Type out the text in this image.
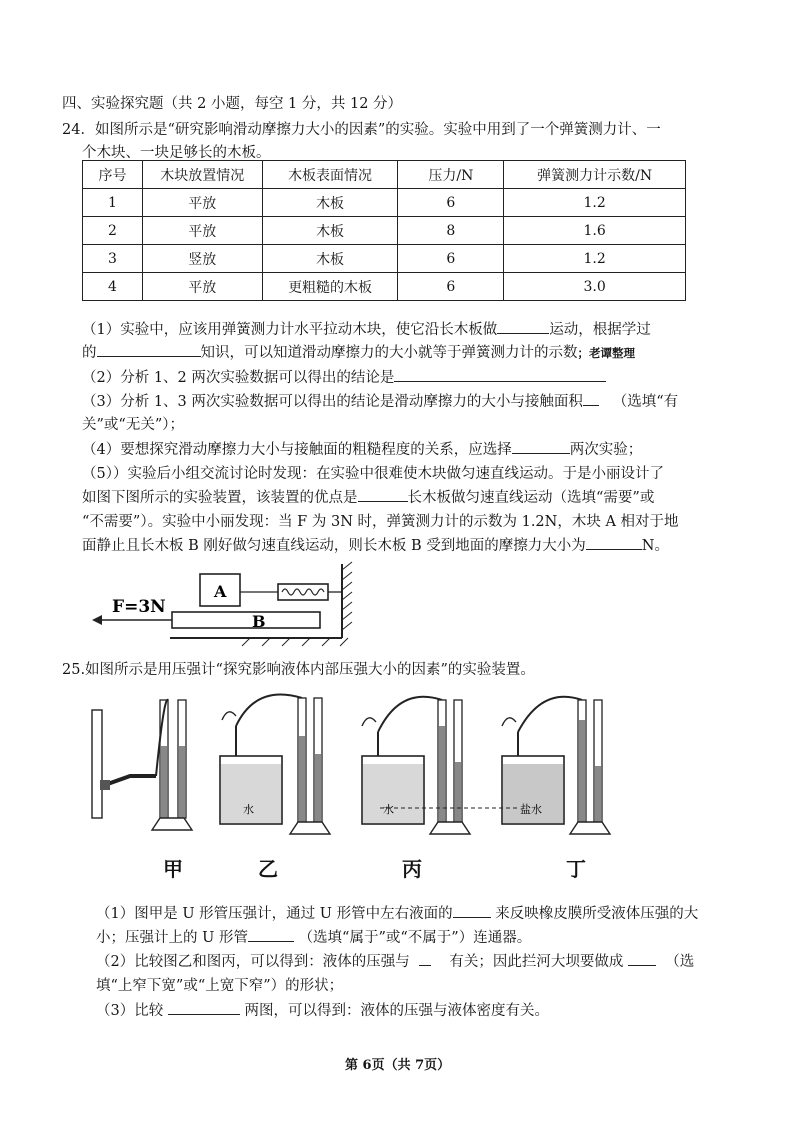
四、实验探究题（共 2 小题，每空 1 分，共 12 分）
24．如图所示是“研究影响滑动摩擦力大小的因素”的实验。实验中用到了一个弹簧测力计、一
个木块、一块足够长的木板。
序号	木块放置情况	木板表面情况	压力/N	弹簧测力计示数/N
1	平放	木板	6	1.2
2	平放	木板	8	1.6
3	竖放	木板	6	1.2
4	平放	更粗糙的木板	6	3.0
（1）实验中，应该用弹簧测力计水平拉动木块，使它沿长木板做	运动，根据学过
的	知识，可以知道滑动摩擦力的大小就等于弹簧测力计的示数；老谭整理
（2）分析 1、2 两次实验数据可以得出的结论是
（3）分析 1、3 两次实验数据可以得出的结论是滑动摩擦力的大小与接触面积 （选填“有
关”或“无关”）；
（4）要想探究滑动摩擦力大小与接触面的粗糙程度的关系，应选择	两次实验；
（5））实验后小组交流讨论时发现：在实验中很难使木块做匀速直线运动。于是小丽设计了
如图下图所示的实验装置，该装置的优点是	长木板做匀速直线运动（选填“需要”或
“不需要”）。实验中小丽发现：当 F 为 3N 时，弹簧测力计的示数为 1.2N，木块 A 相对于地
面静止且长木板 B 刚好做匀速直线运动，则长木板 B 受到地面的摩擦力大小为	N。
F=3N
A
B
25.如图所示是用压强计“探究影响液体内部压强大小的因素”的实验装置。
水	水	盐水
甲	乙	丙	丁
（1）图甲是 U 形管压强计，通过 U 形管中左右液面的	来反映橡皮膜所受液体压强的大
小；压强计上的 U 形管	（选填“属于”或“不属于”）连通器。
（2）比较图乙和图丙，可以得到：液体的压强与	有关；因此拦河大坝要做成	（选
填“上窄下宽”或“上宽下窄”）的形状；
（3）比较	两图，可以得到：液体的压强与液体密度有关。
第 6页（共 7页）
